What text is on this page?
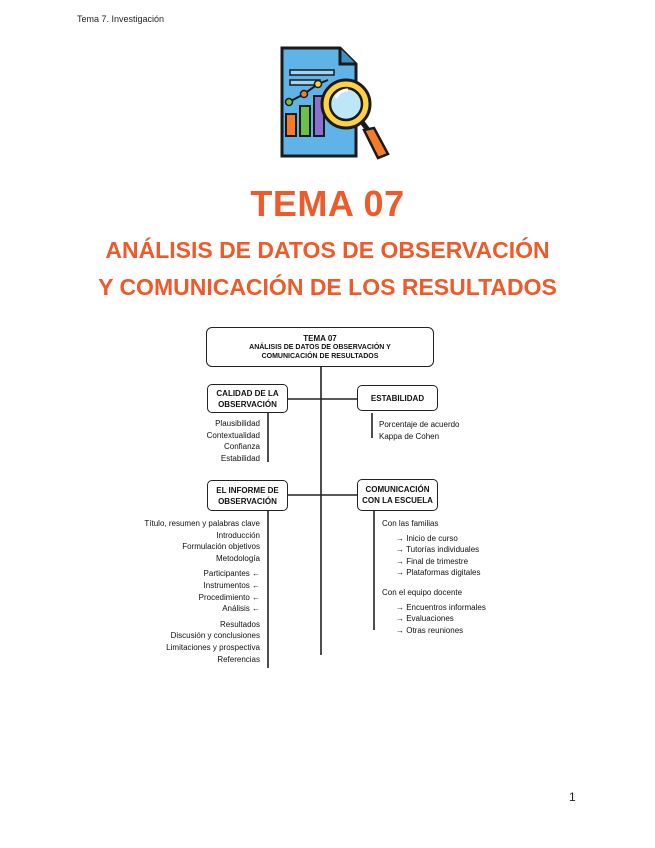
Tema 7. Investigación
TEMA 07
ANÁLISIS DE DATOS DE OBSERVACIÓN
Y COMUNICACIÓN DE LOS RESULTADOS
TEMA 07
ANÁLISIS DE DATOS DE OBSERVACIÓN Y
COMUNICACIÓN DE RESULTADOS
CALIDAD DE LA
OBSERVACIÓN
Plausibilidad
Contextualidad
Confianza
Estabilidad
ESTABILIDAD
Porcentaje de acuerdo
Kappa de Cohen
EL INFORME DE
OBSERVACIÓN
Título, resumen y palabras clave
Introducción
Formulación objetivos
Metodología
Participantes ←
Instrumentos ←
Procedimiento ←
Análisis ←
Resultados
Discusión y conclusiones
Limitaciones y prospectiva
Referencias
COMUNICACIÓN
CON LA ESCUELA
Con las familias
→ Inicio de curso
→ Tutorías individuales
→ Final de trimestre
→ Plataformas digitales
Con el equipo docente
→ Encuentros informales
→ Evaluaciones
→ Otras reuniones
1
